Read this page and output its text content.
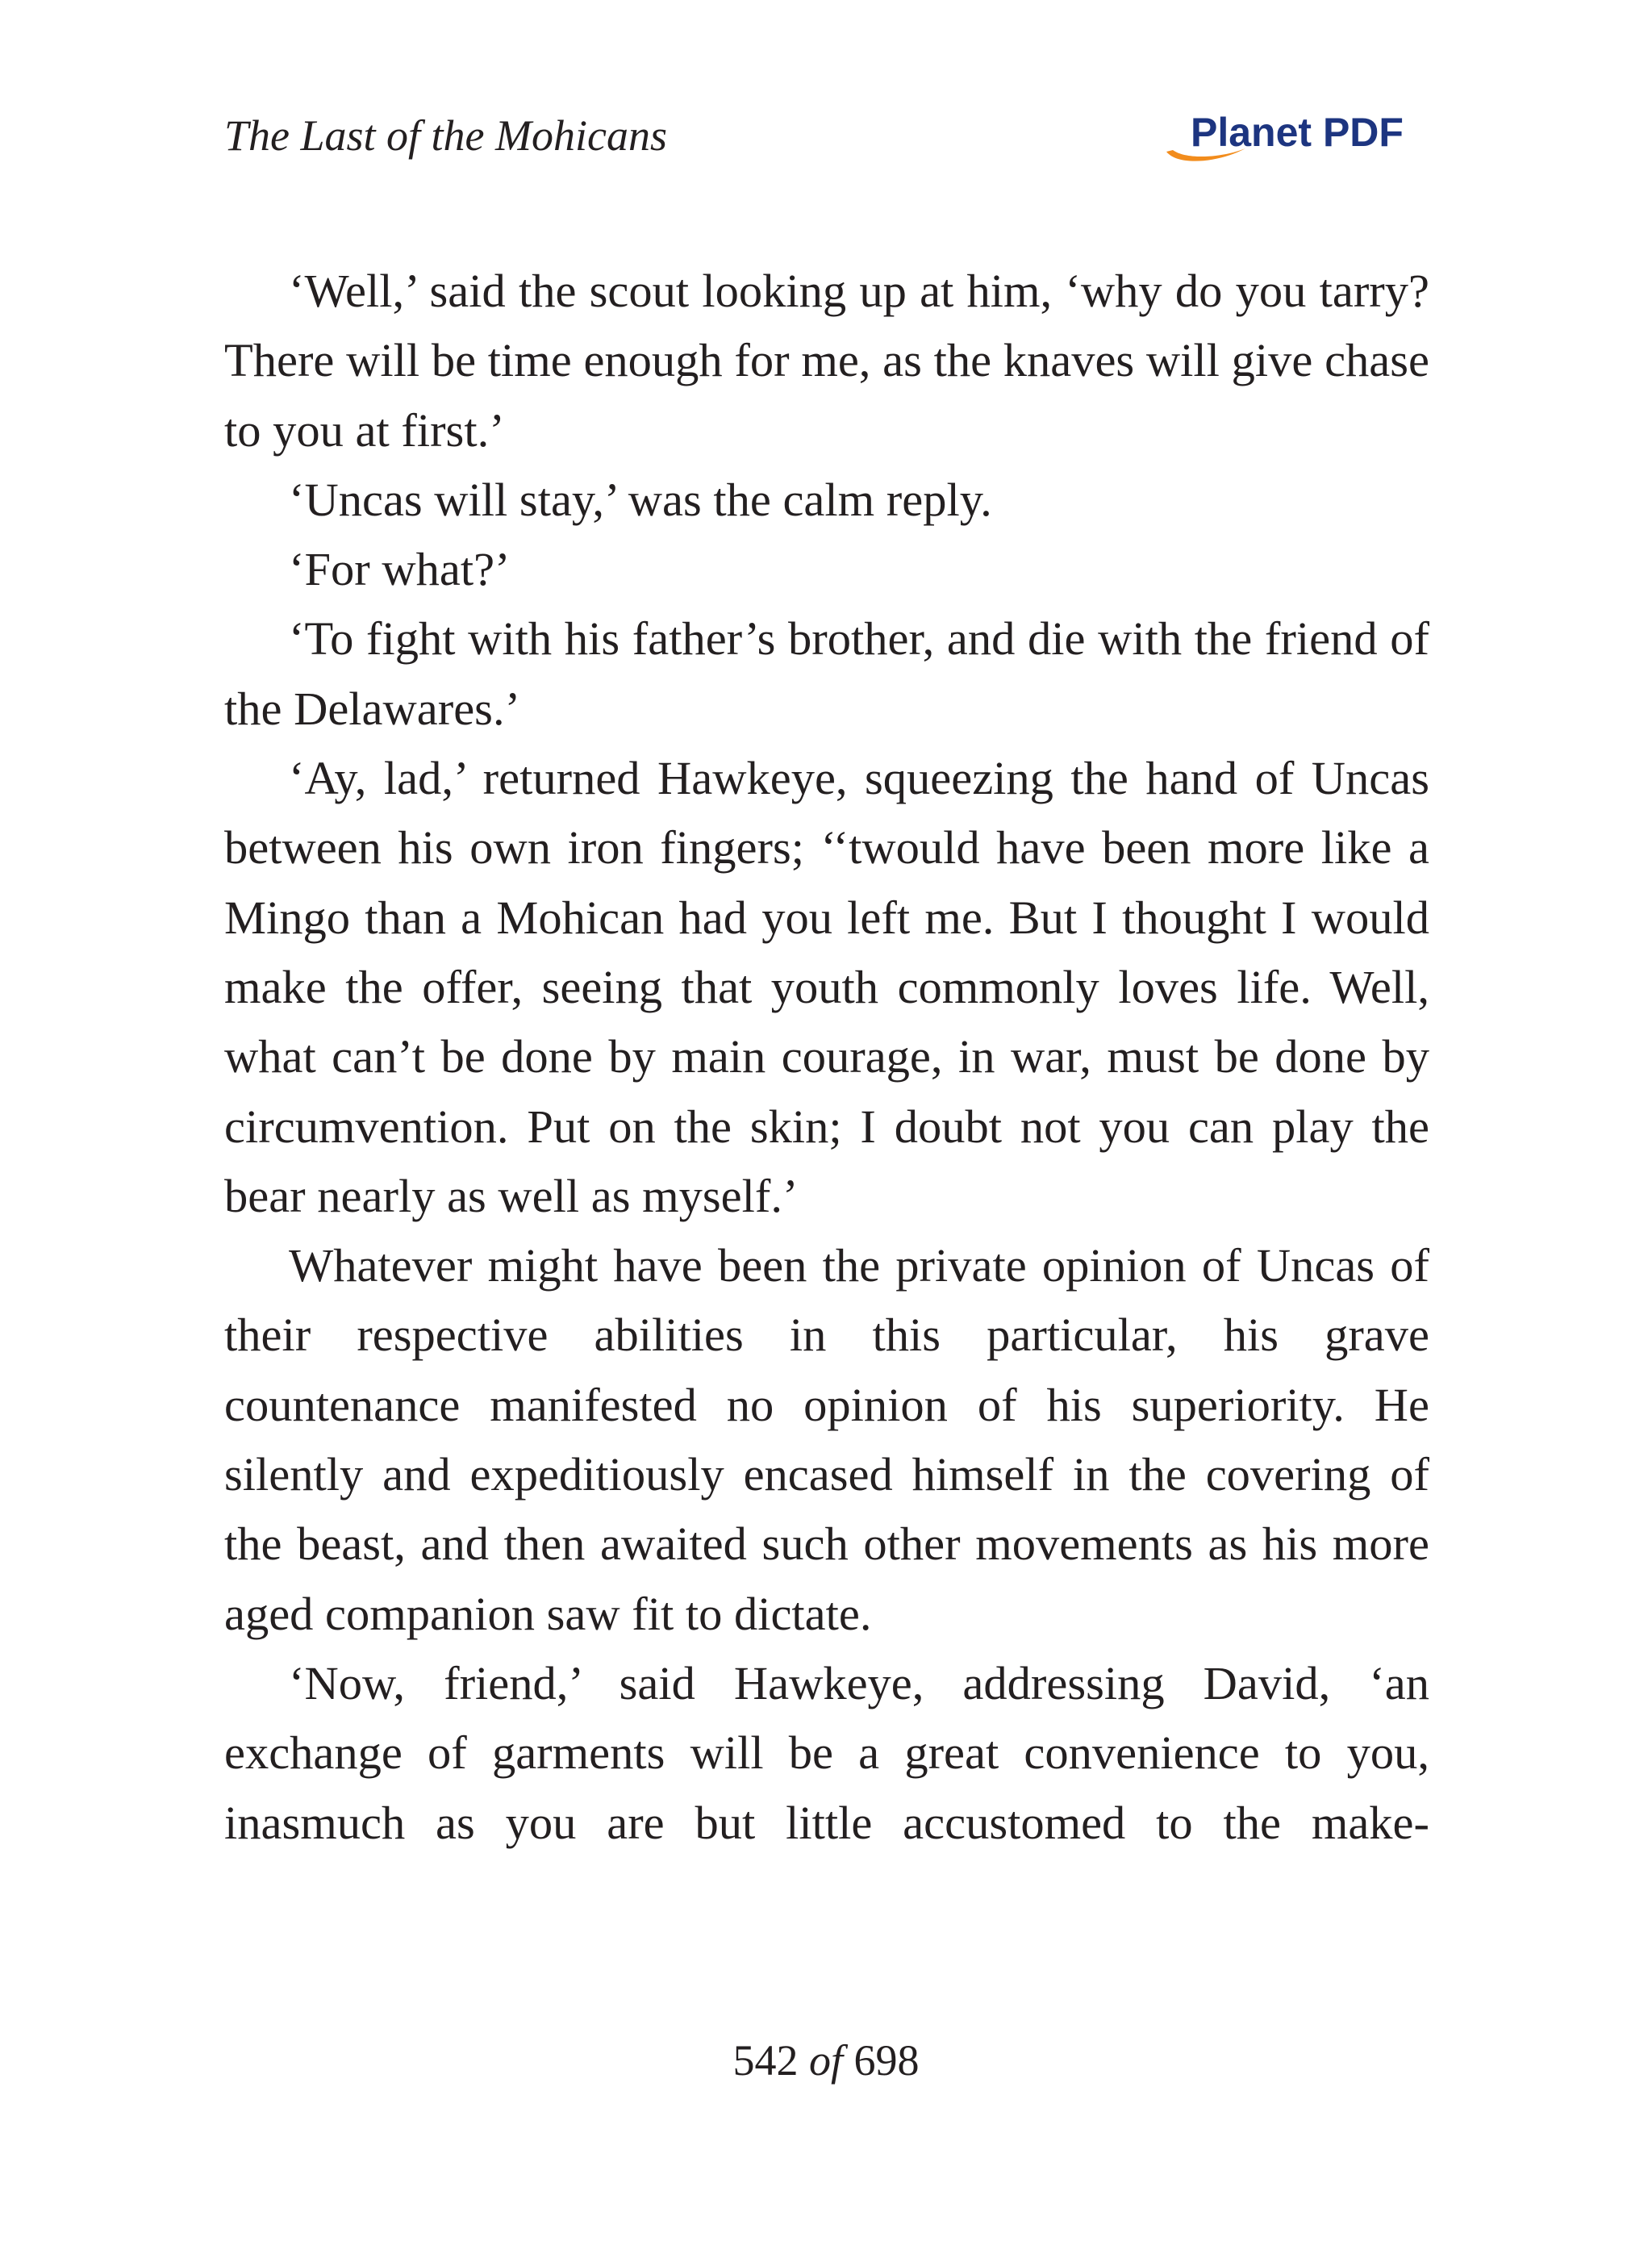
The Last of the Mohicans	Planet PDF

‘Well,’ said the scout looking up at him, ‘why do you tarry? There will be time enough for me, as the knaves will give chase to you at first.’

‘Uncas will stay,’ was the calm reply.

‘For what?’

‘To fight with his father’s brother, and die with the friend of the Delawares.’

‘Ay, lad,’ returned Hawkeye, squeezing the hand of Uncas between his own iron fingers; ‘‘twould have been more like a Mingo than a Mohican had you left me. But I thought I would make the offer, seeing that youth commonly loves life. Well, what can’t be done by main courage, in war, must be done by circumvention. Put on the skin; I doubt not you can play the bear nearly as well as myself.’

Whatever might have been the private opinion of Uncas of their respective abilities in this particular, his grave countenance manifested no opinion of his superiority. He silently and expeditiously encased himself in the covering of the beast, and then awaited such other movements as his more aged companion saw fit to dictate.

‘Now, friend,’ said Hawkeye, addressing David, ‘an exchange of garments will be a great convenience to you, inasmuch as you are but little accustomed to the make-

542 of 698
